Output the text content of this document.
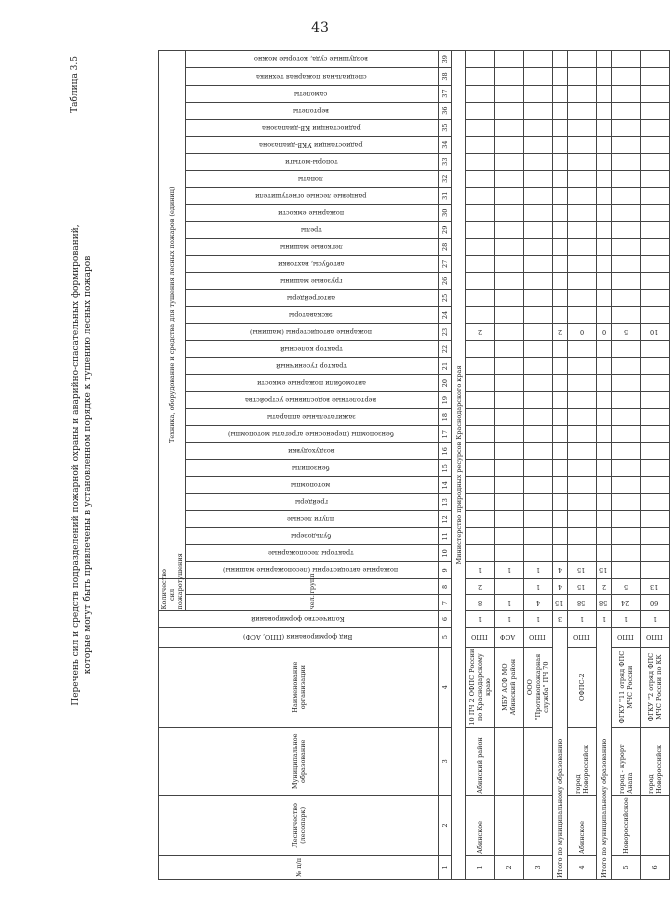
43
Перечень сил и средств подразделений пожарной охраны и аварийно-спасательных формирований, которые могут быть привлечены в установленном порядке к тушению лесных пожаров
Таблица 3.5
№ п/п	Лесничество (лесопарк)	Муниципальное образование	Наименование организации	Вид формирования (ППО, АСФ)	Количество формирований	Количество сил пожаротушения		Техника, оборудование и средства для тушения лесных пожаров (единиц)																														
						чел.	групп	пожарные автоцистерны (лесопожарные машины)	тракторы лесопожарные	бульдозеры	плуги лесные	грейдеры	мотопомпы	бензопилы	воздуходувки	бензопомпы (переносные агрегаты мотопомпы)	зажигательные аппараты	вертолетные водосливные устройства	автомобили пожарные емкости	трактор гусеничный	трактор колесный	пожарные автоцистерны (машины)	экскаваторы	автогрейдеры	грузовые машины	автобусы, вахтовки	легковые машины	трелы	пожарные емкости	ранцевые лесные огнетушители	лопаты	топоры-мотыги	радиостанции УКВ-диапазона	радиостанции КВ-диапазона	вертолеты	самолеты	специальная пожарная техника	воздушные суда, которые можно

1	2	3	4	5	6	7	8	9	10	11	12	13	14	15	16	17	18	19	20	21	22	23	24	25	26	27	28	29	30	31	32	33	34	35	36	37	38	39
Министерство природных ресурсов Краснодарского края																																						
1	Абинское	Абинский район	10 ПЧ 2 ОФПС России по Краснодарскому краю	ППО	1	8	2	1														2																
2			МБУ АСФ МО Абинский район	АСФ	1	1		1																														
3			ООО "Противопожарная служба" ПЧ 70	ППО	1	4	1	1																														
Итого по муниципальному образованию					3	15	4	4														2																
4	Абинское	город Новороссийск	ОФПС-2	ППО	1	58	15	15														0																
Итого по муниципальному образованию					1	58	2	15														0																
5	Новороссийское	город - курорт Анапа	ФГКУ "11 отряд ФПС МЧС России	ППО	1	24	5															5																
6		город Новороссийск	ФГКУ "2 отряд ФПС МЧС России по КК	ППО	1	60	13															10																
